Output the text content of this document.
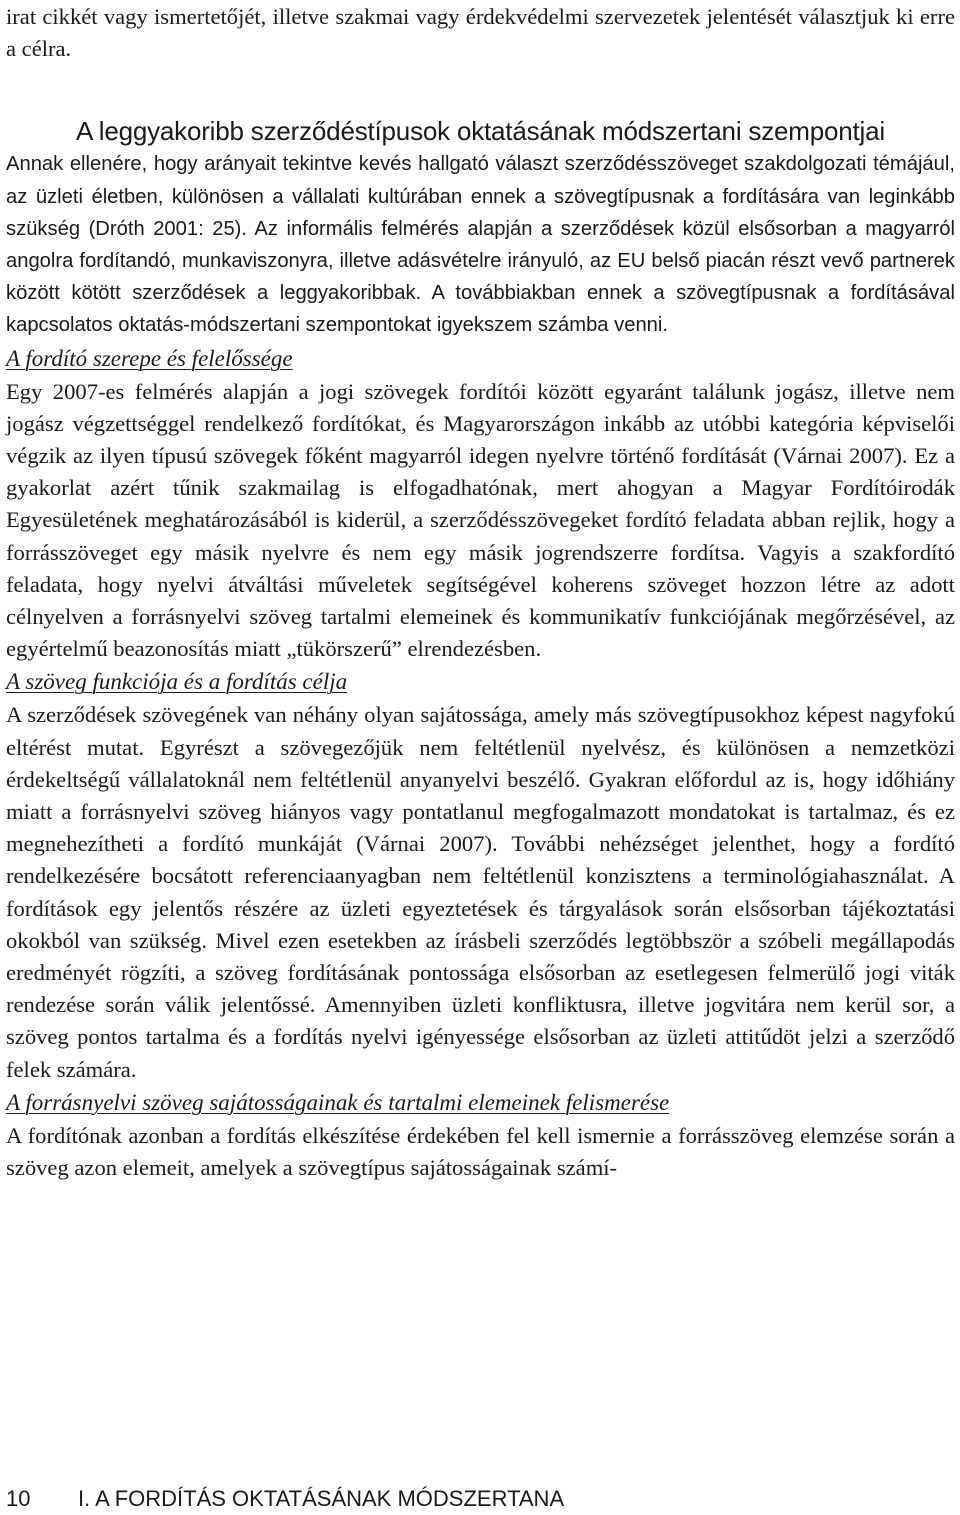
irat cikkét vagy ismertetőjét, illetve szakmai vagy érdekvédelmi szervezetek jelentését választjuk ki erre a célra.

A leggyakoribb szerződéstípusok oktatásának módszertani szempontjai

Annak ellenére, hogy arányait tekintve kevés hallgató választ szerződésszöveget szakdolgozati témájául, az üzleti életben, különösen a vállalati kultúrában ennek a szövegtípusnak a fordítására van leginkább szükség (Dróth 2001: 25). Az informális felmérés alapján a szerződések közül elsősorban a magyarról angolra fordítandó, munkaviszonyra, illetve adásvételre irányuló, az EU belső piacán részt vevő partnerek között kötött szerződések a leggyakoribbak. A továbbiakban ennek a szövegtípusnak a fordításával kapcsolatos oktatás-módszertani szempontokat igyekszem számba venni.

A fordító szerepe és felelőssége

Egy 2007-es felmérés alapján a jogi szövegek fordítói között egyaránt találunk jogász, illetve nem jogász végzettséggel rendelkező fordítókat, és Magyarországon inkább az utóbbi kategória képviselői végzik az ilyen típusú szövegek főként magyarról idegen nyelvre történő fordítását (Várnai 2007). Ez a gyakorlat azért tűnik szakmailag is elfogadhatónak, mert ahogyan a Magyar Fordítóirodák Egyesületének meghatározásából is kiderül, a szerződésszövegeket fordító feladata abban rejlik, hogy a forrásszöveget egy másik nyelvre és nem egy másik jogrendszerre fordítsa. Vagyis a szakfordító feladata, hogy nyelvi átváltási műveletek segítségével koherens szöveget hozzon létre az adott célnyelven a forrásnyelvi szöveg tartalmi elemeinek és kommunikatív funkciójának megőrzésével, az egyértelmű beazonosítás miatt „tükörszerű” elrendezésben.

A szöveg funkciója és a fordítás célja

A szerződések szövegének van néhány olyan sajátossága, amely más szövegtípusokhoz képest nagyfokú eltérést mutat. Egyrészt a szövegezőjük nem feltétlenül nyelvész, és különösen a nemzetközi érdekeltségű vállalatoknál nem feltétlenül anyanyelvi beszélő. Gyakran előfordul az is, hogy időhiány miatt a forrásnyelvi szöveg hiányos vagy pontatlanul megfogalmazott mondatokat is tartalmaz, és ez megnehezítheti a fordító munkáját (Várnai 2007). További nehézséget jelenthet, hogy a fordító rendelkezésére bocsátott referenciaanyagban nem feltétlenül konzisztens a terminológiahasználat. A fordítások egy jelentős részére az üzleti egyeztetések és tárgyalások során elsősorban tájékoztatási okokból van szükség. Mivel ezen esetekben az írásbeli szerződés legtöbbször a szóbeli megállapodás eredményét rögzíti, a szöveg fordításának pontossága elsősorban az esetlegesen felmerülő jogi viták rendezése során válik jelentőssé. Amennyiben üzleti konfliktusra, illetve jogvitára nem kerül sor, a szöveg pontos tartalma és a fordítás nyelvi igényessége elsősorban az üzleti attitűdöt jelzi a szerződő felek számára.

A forrásnyelvi szöveg sajátosságainak és tartalmi elemeinek felismerése

A fordítónak azonban a fordítás elkészítése érdekében fel kell ismernie a forrásszöveg elemzése során a szöveg azon elemeit, amelyek a szövegtípus sajátosságainak számí-

10 I. A FORDÍTÁS OKTATÁSÁNAK MÓDSZERTANA
